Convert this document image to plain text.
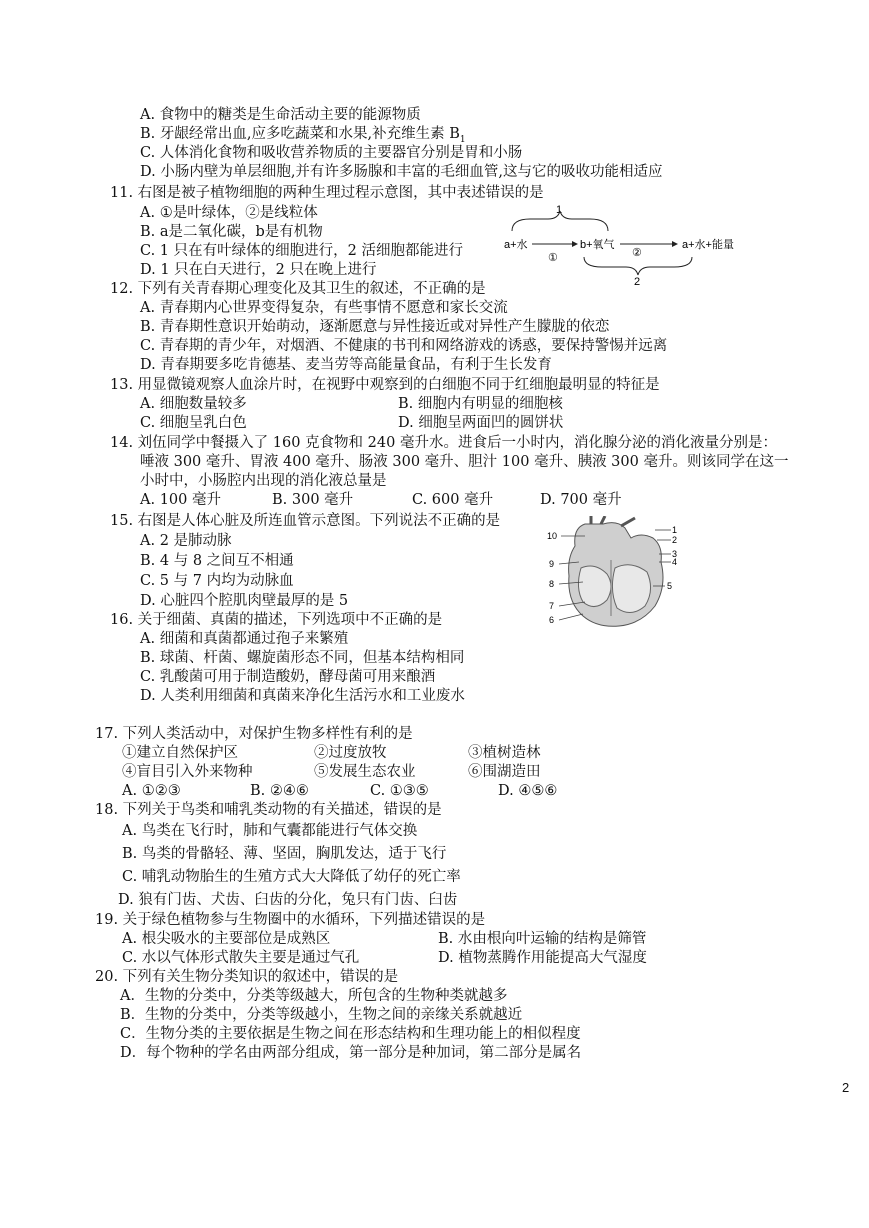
A. 食物中的糖类是生命活动主要的能源物质
B. 牙龈经常出血,应多吃蔬菜和水果,补充维生素 $B_1$
C. 人体消化食物和吸收营养物质的主要器官分别是胃和小肠
D. 小肠内壁为单层细胞,并有许多肠腺和丰富的毛细血管,这与它的吸收功能相适应
11. 右图是被子植物细胞的两种生理过程示意图，其中表述错误的是
A. ①是叶绿体，②是线粒体
B. a是二氧化碳，b是有机物
C. 1 只在有叶绿体的细胞进行，2 活细胞都能进行
D. 1 只在白天进行，2 只在晚上进行
1
a+水
①
b+氧气
②
a+水+能量
2
12. 下列有关青春期心理变化及其卫生的叙述，不正确的是
A. 青春期内心世界变得复杂，有些事情不愿意和家长交流
B. 青春期性意识开始萌动，逐渐愿意与异性接近或对异性产生朦胧的依恋
C. 青春期的青少年，对烟酒、不健康的书刊和网络游戏的诱惑，要保持警惕并远离
D. 青春期要多吃肯德基、麦当劳等高能量食品，有利于生长发育
13. 用显微镜观察人血涂片时，在视野中观察到的白细胞不同于红细胞最明显的特征是
A. 细胞数量较多	B. 细胞内有明显的细胞核
C. 细胞呈乳白色	D. 细胞呈两面凹的圆饼状
14. 刘伍同学中餐摄入了 160 克食物和 240 毫升水。进食后一小时内，消化腺分泌的消化液量分别是：
唾液 300 毫升、胃液 400 毫升、肠液 300 毫升、胆汁 100 毫升、胰液 300 毫升。则该同学在这一
小时中，小肠腔内出现的消化液总量是
A. 100 毫升	B. 300 毫升	C. 600 毫升	D. 700 毫升
15. 右图是人体心脏及所连血管示意图。下列说法不正确的是
A. 2 是肺动脉
B. 4 与 8 之间互不相通
C. 5 与 7 内均为动脉血
D. 心脏四个腔肌肉壁最厚的是 5
1
2
3
4
5
6
7
8
9
10
16. 关于细菌、真菌的描述，下列选项中不正确的是
A. 细菌和真菌都通过孢子来繁殖
B. 球菌、杆菌、螺旋菌形态不同，但基本结构相同
C. 乳酸菌可用于制造酸奶，酵母菌可用来酿酒
D. 人类利用细菌和真菌来净化生活污水和工业废水
17. 下列人类活动中，对保护生物多样性有利的是
①建立自然保护区	②过度放牧	③植树造林
④盲目引入外来物种	⑤发展生态农业	⑥围湖造田
A. ①②③	B. ②④⑥	C. ①③⑤	D. ④⑤⑥
18. 下列关于鸟类和哺乳类动物的有关描述，错误的是
A. 鸟类在飞行时，肺和气囊都能进行气体交换
B. 鸟类的骨骼轻、薄、坚固，胸肌发达，适于飞行
C. 哺乳动物胎生的生殖方式大大降低了幼仔的死亡率
D. 狼有门齿、犬齿、臼齿的分化，兔只有门齿、臼齿
19. 关于绿色植物参与生物圈中的水循环，下列描述错误的是
A. 根尖吸水的主要部位是成熟区	B. 水由根向叶运输的结构是筛管
C. 水以气体形式散失主要是通过气孔	D. 植物蒸腾作用能提高大气湿度
20. 下列有关生物分类知识的叙述中，错误的是
A．生物的分类中，分类等级越大，所包含的生物种类就越多
B．生物的分类中，分类等级越小，生物之间的亲缘关系就越近
C．生物分类的主要依据是生物之间在形态结构和生理功能上的相似程度
D．每个物种的学名由两部分组成，第一部分是种加词，第二部分是属名
2
